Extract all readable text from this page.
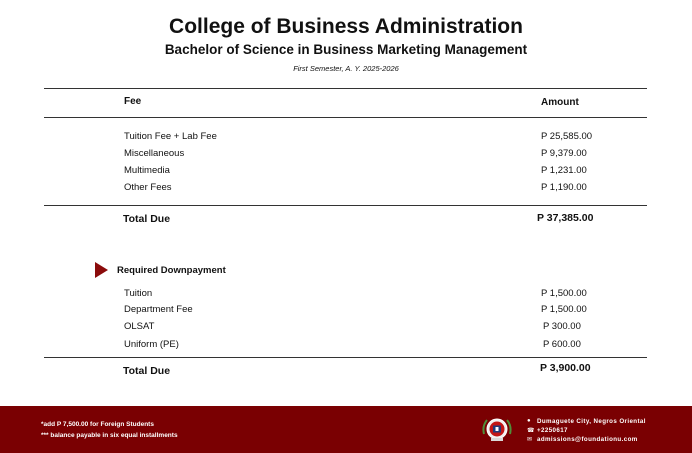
College of Business Administration
Bachelor of Science in Business Marketing Management
First Semester, A. Y. 2025-2026
Fee	Amount
Tuition Fee + Lab Fee	P 25,585.00
Miscellaneous	P 9,379.00
Multimedia	P 1,231.00
Other Fees	P 1,190.00
Total Due	P 37,385.00
Required Downpayment
Tuition	P 1,500.00
Department Fee	P 1,500.00
OLSAT	P 300.00
Uniform (PE)	P 600.00
Total Due	P 3,900.00
*add P 7,500.00 for Foreign Students
*** balance payable in six equal installments
● Dumaguete City, Negros Oriental
☎ +2250617
✉ admissions@foundationu.com
